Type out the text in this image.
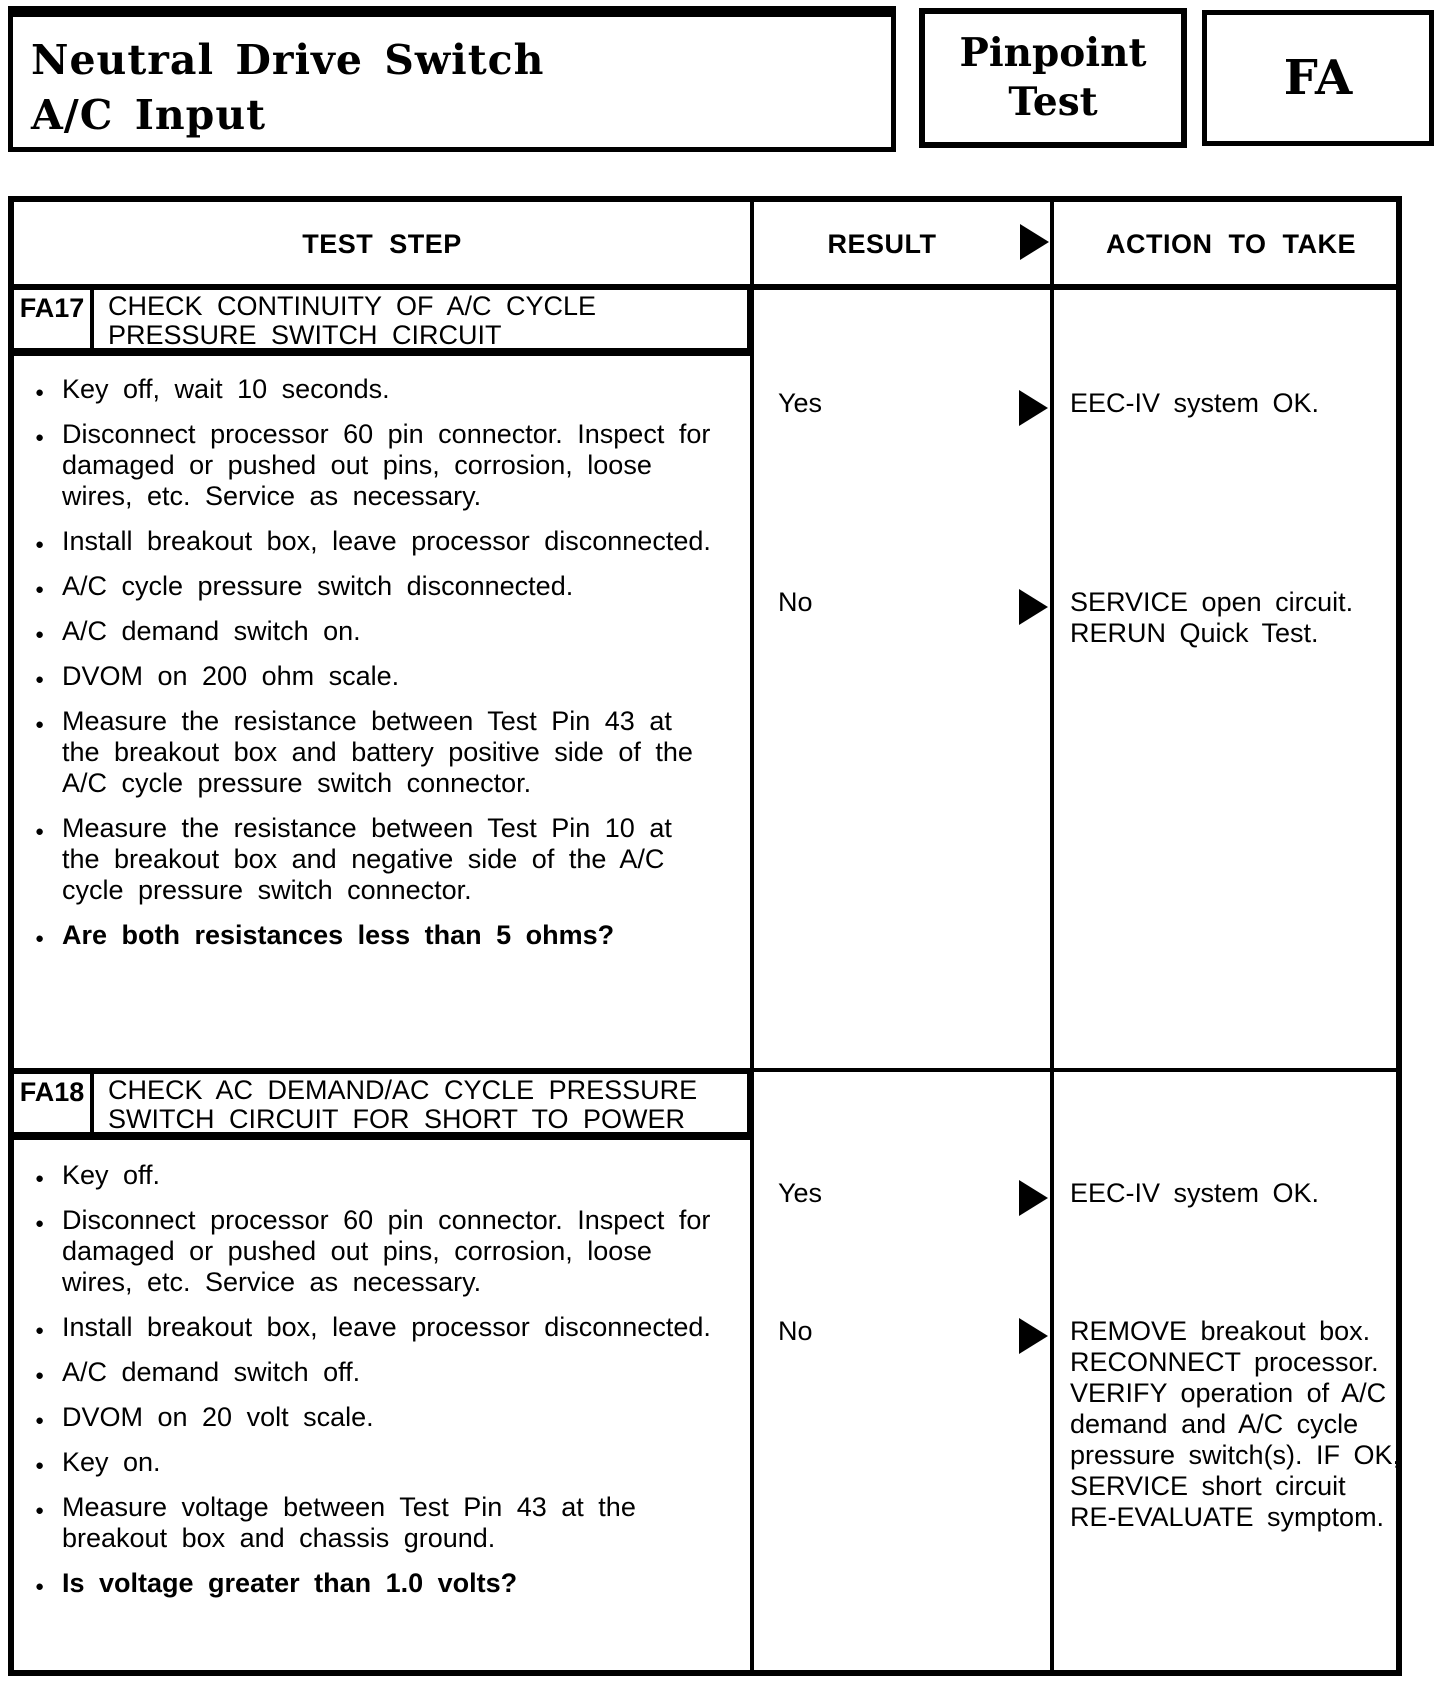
Neutral Drive Switch
A/C Input
Pinpoint
Test	FA
TEST STEP	RESULT	ACTION TO TAKE
FA17 CHECK CONTINUITY OF A/C CYCLE
PRESSURE SWITCH CIRCUIT
● Key off, wait 10 seconds.
● Disconnect processor 60 pin connector. Inspect for damaged or pushed out pins, corrosion, loose wires, etc. Service as necessary.
● Install breakout box, leave processor disconnected.
● A/C cycle pressure switch disconnected.
● A/C demand switch on.
● DVOM on 200 ohm scale.
● Measure the resistance between Test Pin 43 at the breakout box and battery positive side of the A/C cycle pressure switch connector.
● Measure the resistance between Test Pin 10 at the breakout box and negative side of the A/C cycle pressure switch connector.
● Are both resistances less than 5 ohms?
Yes	EEC-IV system OK.
No	SERVICE open circuit. RERUN Quick Test.
FA18 CHECK AC DEMAND/AC CYCLE PRESSURE
SWITCH CIRCUIT FOR SHORT TO POWER
● Key off.
● Disconnect processor 60 pin connector. Inspect for damaged or pushed out pins, corrosion, loose wires, etc. Service as necessary.
● Install breakout box, leave processor disconnected.
● A/C demand switch off.
● DVOM on 20 volt scale.
● Key on.
● Measure voltage between Test Pin 43 at the breakout box and chassis ground.
● Is voltage greater than 1.0 volts?
Yes	EEC-IV system OK.
No	REMOVE breakout box. RECONNECT processor. VERIFY operation of A/C demand and A/C cycle pressure switch(s). IF OK, SERVICE short circuit RE-EVALUATE symptom.
